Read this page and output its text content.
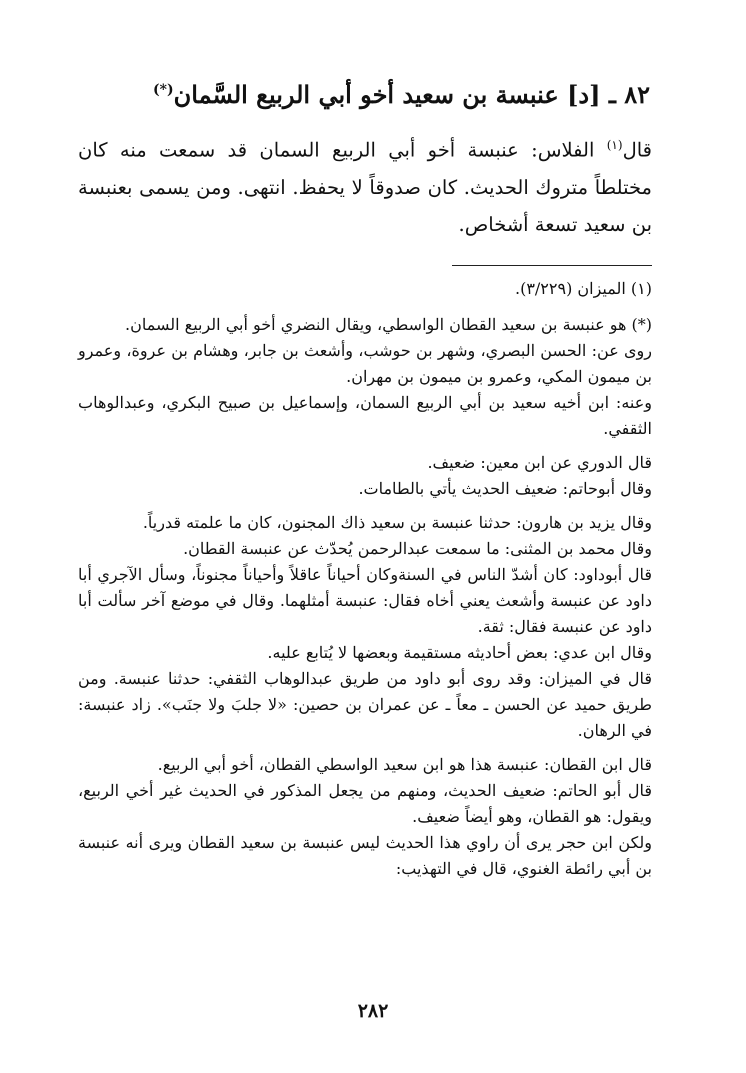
٨٢ ـ [د] عنبسة بن سعيد أخو أبي الربيع السَّمان(*)

قال$^{(١)}$ الفلاس: عنبسة أخو أبي الربيع السمان قد سمعت منه كان مختلطاً متروك الحديث. كان صدوقاً لا يحفظ. انتهى. ومن يسمى بعنبسة بن سعيد تسعة أشخاص.

(١) الميزان (٣/٢٢٩).

(*) هو عنبسة بن سعيد القطان الواسطي، ويقال النضري أخو أبي الربيع السمان.

روى عن: الحسن البصري، وشهر بن حوشب، وأشعث بن جابر، وهشام بن عروة، وعمرو بن ميمون المكي، وعمرو بن ميمون بن مهران.

وعنه: ابن أخيه سعيد بن أبي الربيع السمان، وإسماعيل بن صبيح البكري، وعبدالوهاب الثقفي.

قال الدوري عن ابن معين: ضعيف.

وقال أبوحاتم: ضعيف الحديث يأتي بالطامات.

وقال يزيد بن هارون: حدثنا عنبسة بن سعيد ذاك المجنون، كان ما علمته قدرياً.

وقال محمد بن المثنى: ما سمعت عبدالرحمن يُحدّث عن عنبسة القطان.

قال أبوداود: كان أشدّ الناس في السنةوكان أحياناً عاقلاً وأحياناً مجنوناً، وسأل الآجري أبا داود عن عنبسة وأشعث يعني أخاه فقال: عنبسة أمثلهما. وقال في موضع آخر سألت أبا داود عن عنبسة فقال: ثقة.

وقال ابن عدي: بعض أحاديثه مستقيمة وبعضها لا يُتابع عليه.

قال في الميزان: وقد روى أبو داود من طريق عبدالوهاب الثقفي: حدثنا عنبسة. ومن طريق حميد عن الحسن ـ معاً ـ عن عمران بن حصين: «لا جلبَ ولا جنَب». زاد عنبسة: في الرهان.

قال ابن القطان: عنبسة هذا هو ابن سعيد الواسطي القطان، أخو أبي الربيع.

قال أبو الحاتم: ضعيف الحديث، ومنهم من يجعل المذكور في الحديث غير أخي الربيع، ويقول: هو القطان، وهو أيضاً ضعيف.

ولكن ابن حجر يرى أن راوي هذا الحديث ليس عنبسة بن سعيد القطان ويرى أنه عنبسة بن أبي رائطة الغنوي، قال في التهذيب:

٢٨٢
